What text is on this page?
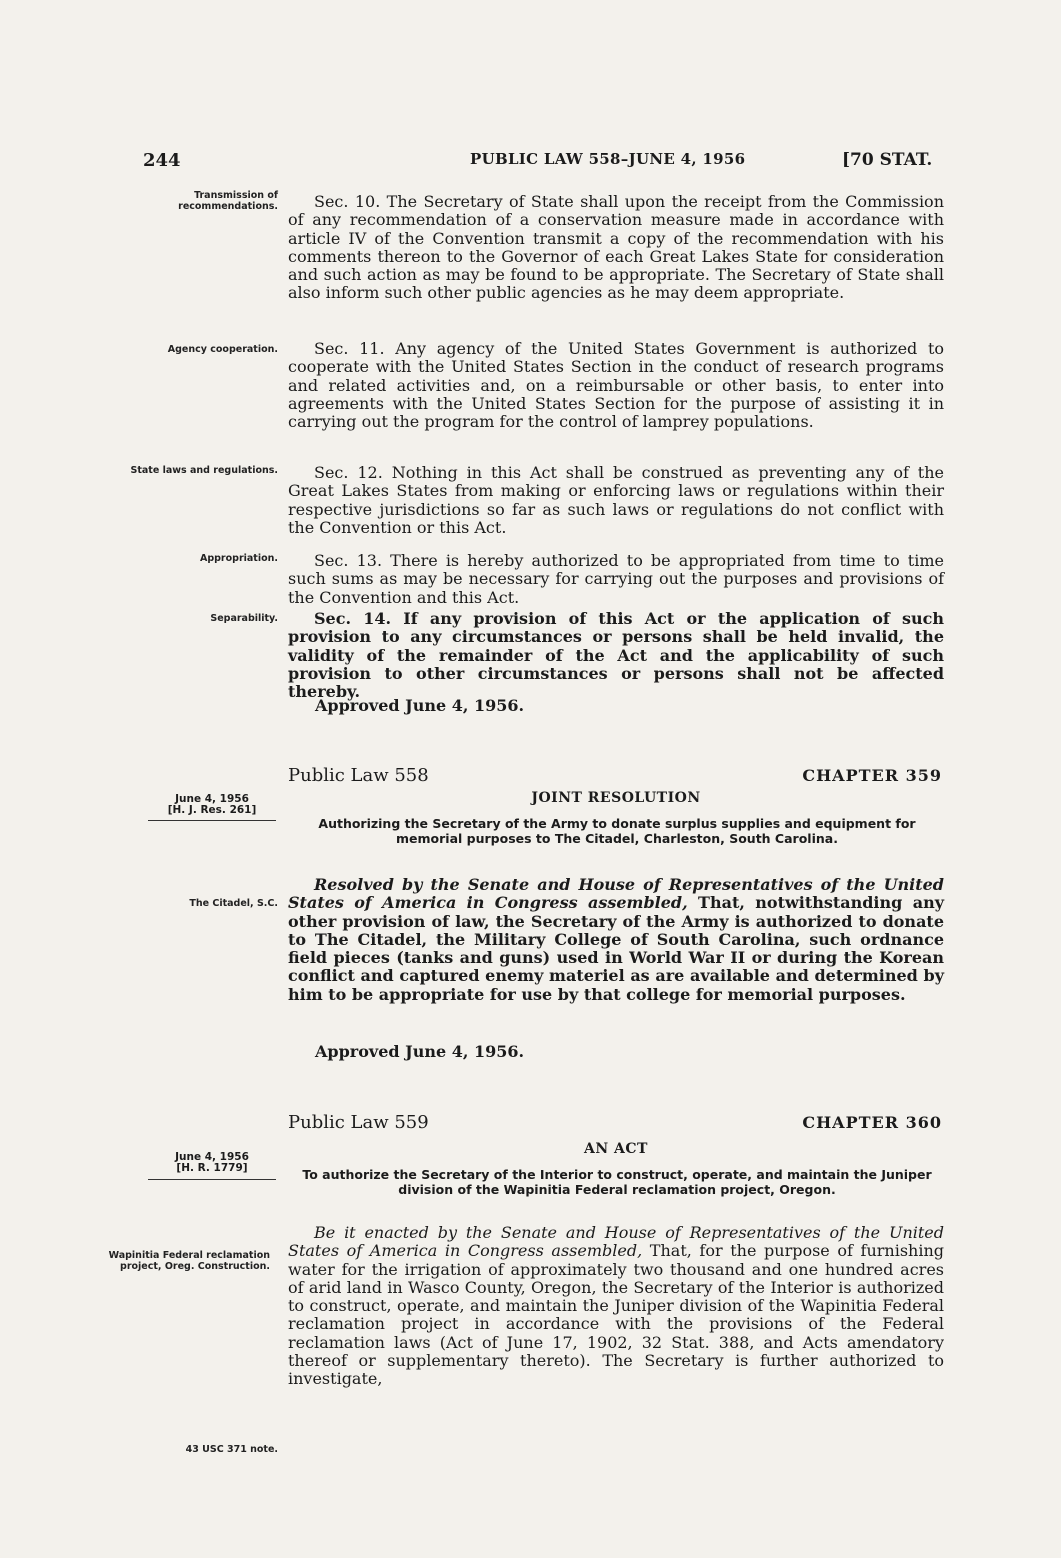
244	PUBLIC LAW 558–JUNE 4, 1956	[70 STAT.
Transmission of recommendations.
Agency cooperation.
State laws and regulations.
Appropriation.
Separability.
The Citadel, S.C.
Wapinitia Federal reclamation project, Oreg. Construction.
43 USC 371 note.

Sec. 10. The Secretary of State shall upon the receipt from the Commission of any recommendation of a conservation measure made in accordance with article IV of the Convention transmit a copy of the recommendation with his comments thereon to the Governor of each Great Lakes State for consideration and such action as may be found to be appropriate. The Secretary of State shall also inform such other public agencies as he may deem appropriate.

Sec. 11. Any agency of the United States Government is authorized to cooperate with the United States Section in the conduct of research programs and related activities and, on a reimbursable or other basis, to enter into agreements with the United States Section for the purpose of assisting it in carrying out the program for the control of lamprey populations.

Sec. 12. Nothing in this Act shall be construed as preventing any of the Great Lakes States from making or enforcing laws or regulations within their respective jurisdictions so far as such laws or regulations do not conflict with the Convention or this Act.

Sec. 13. There is hereby authorized to be appropriated from time to time such sums as may be necessary for carrying out the purposes and provisions of the Convention and this Act.

Sec. 14. If any provision of this Act or the application of such provision to any circumstances or persons shall be held invalid, the validity of the remainder of the Act and the applicability of such provision to other circumstances or persons shall not be affected thereby.

Approved June 4, 1956.
Public Law 558	CHAPTER 359
JOINT RESOLUTION
June 4, 1956
[H. J. Res. 261]
Authorizing the Secretary of the Army to donate surplus supplies and equipment for memorial purposes to The Citadel, Charleston, South Carolina.

Resolved by the Senate and House of Representatives of the United States of America in Congress assembled, That, notwithstanding any other provision of law, the Secretary of the Army is authorized to donate to The Citadel, the Military College of South Carolina, such ordnance field pieces (tanks and guns) used in World War II or during the Korean conflict and captured enemy materiel as are available and determined by him to be appropriate for use by that college for memorial purposes.

Approved June 4, 1956.
Public Law 559	CHAPTER 360
AN ACT
June 4, 1956
[H. R. 1779]	To authorize the Secretary of the Interior to construct, operate, and maintain the Juniper division of the Wapinitia Federal reclamation project, Oregon.

Be it enacted by the Senate and House of Representatives of the United States of America in Congress assembled, That, for the purpose of furnishing water for the irrigation of approximately two thousand and one hundred acres of arid land in Wasco County, Oregon, the Secretary of the Interior is authorized to construct, operate, and maintain the Juniper division of the Wapinitia Federal reclamation project in accordance with the provisions of the Federal reclamation laws (Act of June 17, 1902, 32 Stat. 388, and Acts amendatory thereof or supplementary thereto). The Secretary is further authorized to investigate,
